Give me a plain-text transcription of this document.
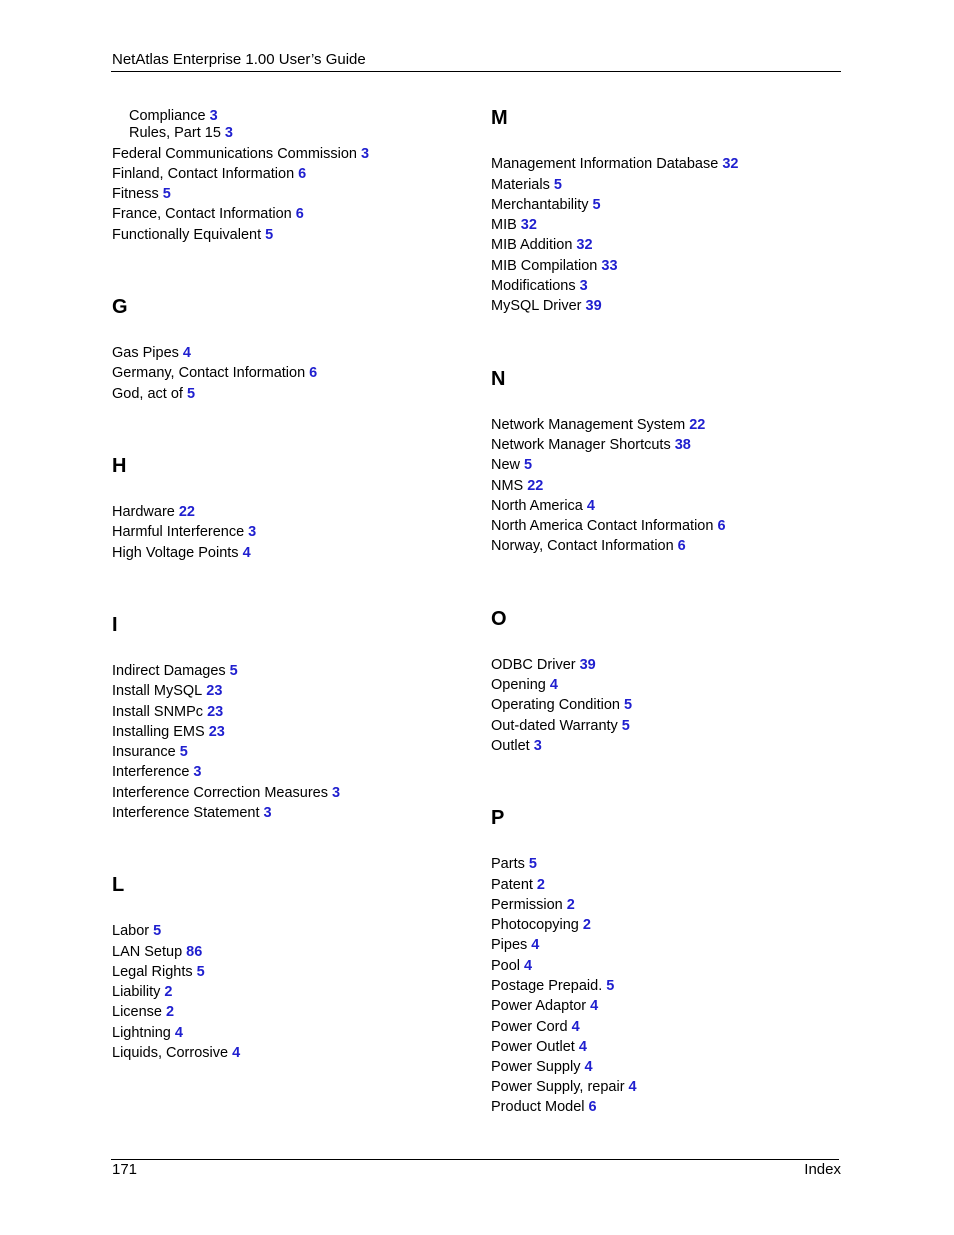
NetAtlas Enterprise 1.00 User’s Guide
Compliance 3
Rules, Part 15 3
Federal Communications Commission 3
Finland, Contact Information 6
Fitness 5
France, Contact Information 6
Functionally Equivalent 5
G
Gas Pipes 4
Germany, Contact Information 6
God, act of 5
H
Hardware 22
Harmful Interference 3
High Voltage Points 4
I
Indirect Damages 5
Install MySQL 23
Install SNMPc 23
Installing EMS 23
Insurance 5
Interference 3
Interference Correction Measures 3
Interference Statement 3
L
Labor 5
LAN Setup 86
Legal Rights 5
Liability 2
License 2
Lightning 4
Liquids, Corrosive 4
M
Management Information Database 32
Materials 5
Merchantability 5
MIB 32
MIB Addition 32
MIB Compilation 33
Modifications 3
MySQL Driver 39
N
Network Management System 22
Network Manager Shortcuts 38
New 5
NMS 22
North America 4
North America Contact Information 6
Norway, Contact Information 6
O
ODBC Driver 39
Opening 4
Operating Condition 5
Out-dated Warranty 5
Outlet 3
P
Parts 5
Patent 2
Permission 2
Photocopying 2
Pipes 4
Pool 4
Postage Prepaid. 5
Power Adaptor 4
Power Cord 4
Power Outlet 4
Power Supply 4
Power Supply, repair 4
Product Model 6
171	Index
